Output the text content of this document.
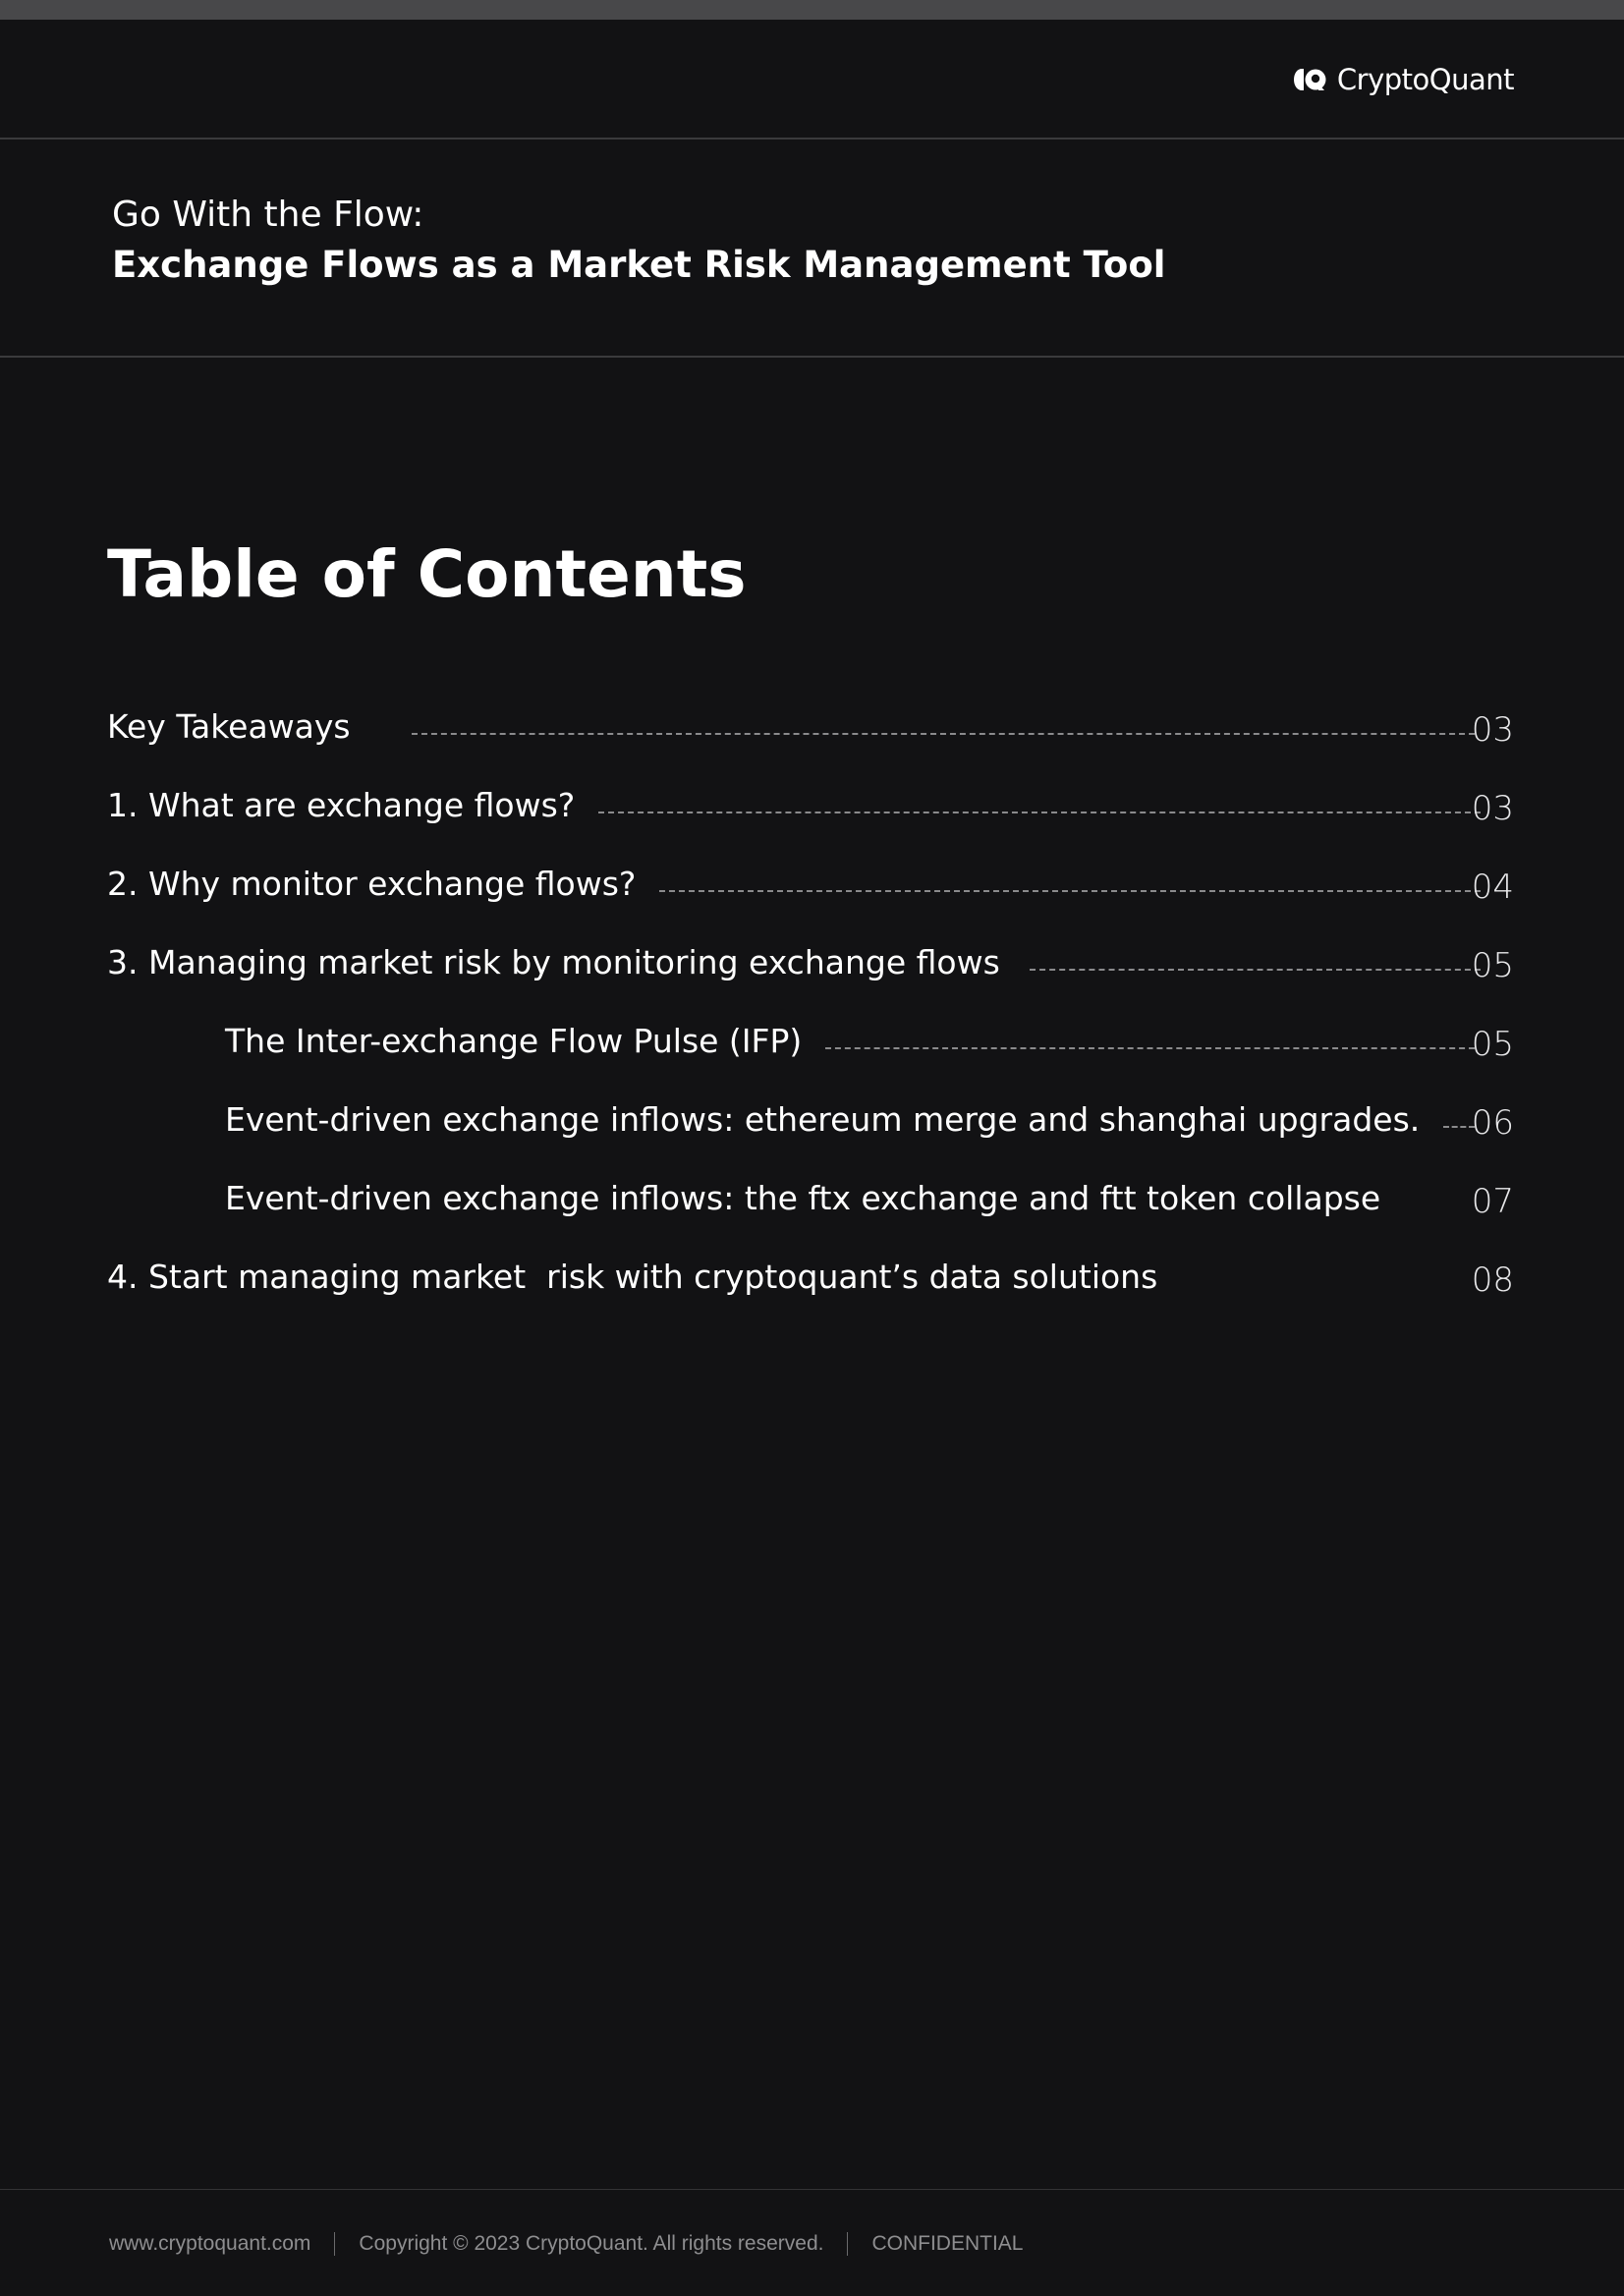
CryptoQuant
Go With the Flow:
Exchange Flows as a Market Risk Management Tool
Table of Contents
Key Takeaways	03
1. What are exchange flows?	03
2. Why monitor exchange flows?	04
3. Managing market risk by monitoring exchange flows	05
The Inter-exchange Flow Pulse (IFP)	05
Event-driven exchange inflows: ethereum merge and shanghai upgrades.	06
Event-driven exchange inflows: the ftx exchange and ftt token collapse	07
4. Start managing market  risk with cryptoquant’s data solutions	08
www.cryptoquant.com Copyright © 2023 CryptoQuant. All rights reserved. CONFIDENTIAL
